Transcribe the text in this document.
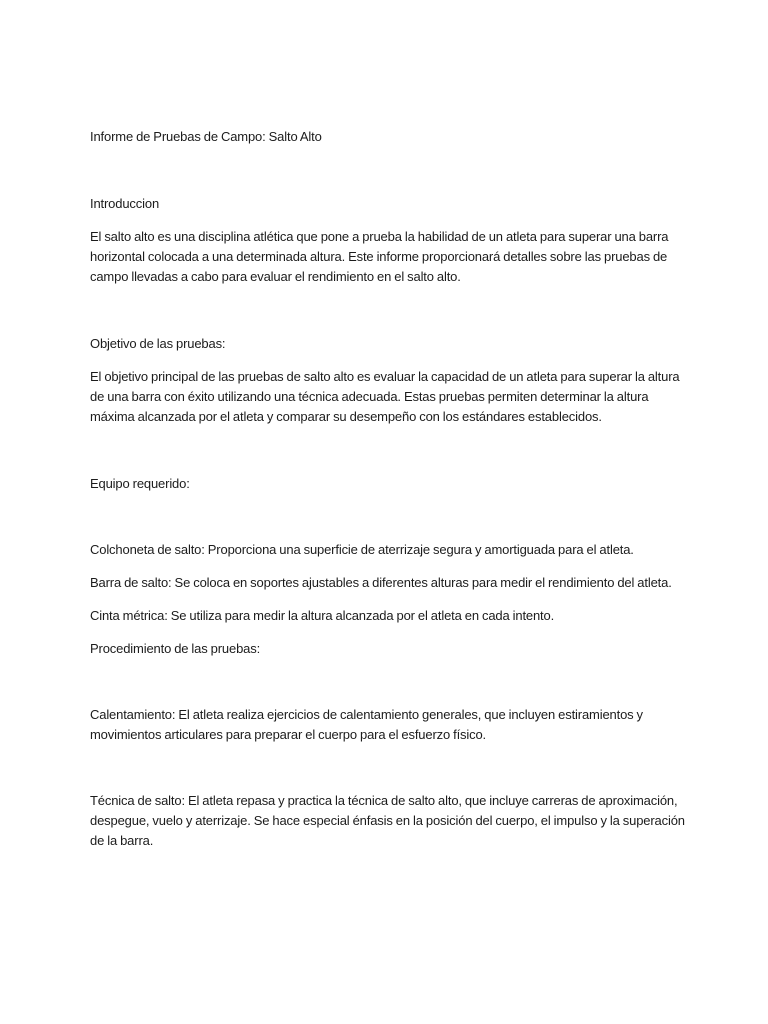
Informe de Pruebas de Campo: Salto Alto

Introduccion

El salto alto es una disciplina atlética que pone a prueba la habilidad de un atleta para superar una barra horizontal colocada a una determinada altura. Este informe proporcionará detalles sobre las pruebas de campo llevadas a cabo para evaluar el rendimiento en el salto alto.

Objetivo de las pruebas:

El objetivo principal de las pruebas de salto alto es evaluar la capacidad de un atleta para superar la altura de una barra con éxito utilizando una técnica adecuada. Estas pruebas permiten determinar la altura máxima alcanzada por el atleta y comparar su desempeño con los estándares establecidos.

Equipo requerido:

Colchoneta de salto: Proporciona una superficie de aterrizaje segura y amortiguada para el atleta.

Barra de salto: Se coloca en soportes ajustables a diferentes alturas para medir el rendimiento del atleta.

Cinta métrica: Se utiliza para medir la altura alcanzada por el atleta en cada intento.

Procedimiento de las pruebas:

Calentamiento: El atleta realiza ejercicios de calentamiento generales, que incluyen estiramientos y movimientos articulares para preparar el cuerpo para el esfuerzo físico.

Técnica de salto: El atleta repasa y practica la técnica de salto alto, que incluye carreras de aproximación, despegue, vuelo y aterrizaje. Se hace especial énfasis en la posición del cuerpo, el impulso y la superación de la barra.
